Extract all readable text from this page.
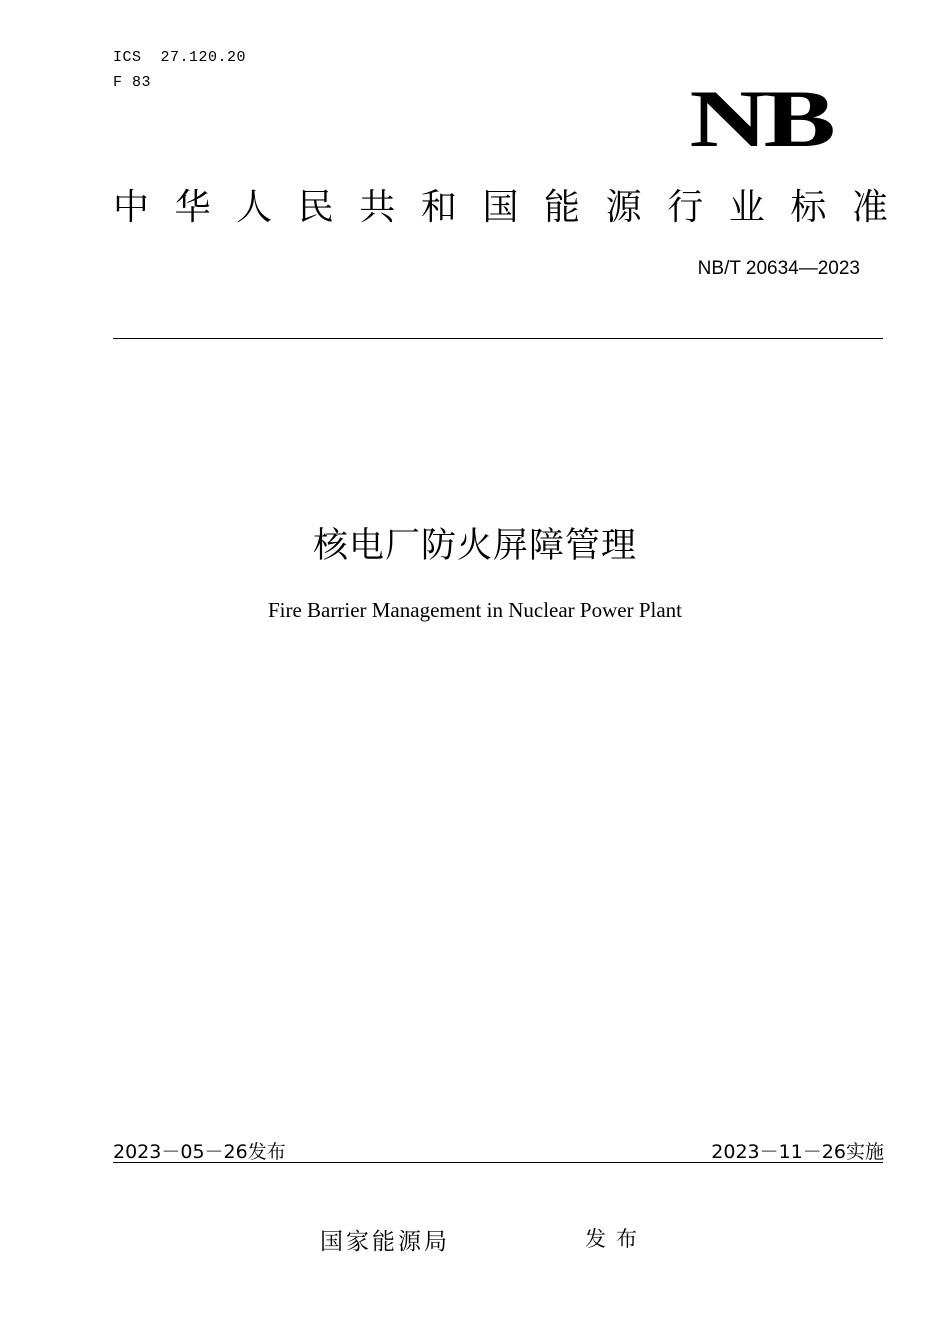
ICS  27.120.20
F 83	NB
中 华 人 民 共 和 国 能 源 行 业 标 准
NB/T 20634—2023
核电厂防火屏障管理
Fire Barrier Management in Nuclear Power Plant
2023－05－26发布	2023－11－26实施
国家能源局	发布
